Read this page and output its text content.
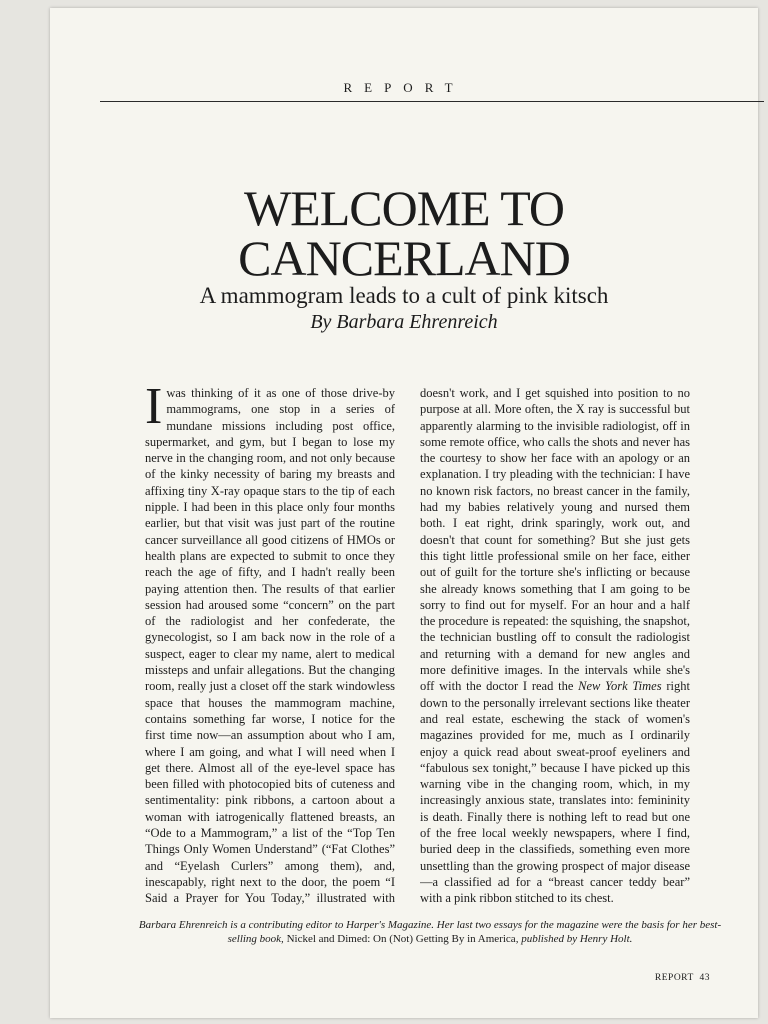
REPORT
WELCOME TO
CANCERLAND
A mammogram leads to a cult of pink kitsch
By Barbara Ehrenreich

I was thinking of it as one of those drive-by mammograms, one stop in a series of mundane missions including post office, supermarket, and gym, but I began to lose my nerve in the changing room, and not only because of the kinky necessity of baring my breasts and affixing tiny X-ray opaque stars to the tip of each nipple. I had been in this place only four months earlier, but that visit was just part of the routine cancer surveillance all good citizens of HMOs or health plans are expected to submit to once they reach the age of fifty, and I hadn't really been paying attention then. The results of that earlier session had aroused some “concern” on the part of the radiologist and her confederate, the gynecologist, so I am back now in the role of a suspect, eager to clear my name, alert to medical missteps and unfair allegations. But the changing room, really just a closet off the stark windowless space that houses the mammogram machine, contains something far worse, I notice for the first time now—an assumption about who I am, where I am going, and what I will need when I get there. Almost all of the eye-level space has been filled with photocopied bits of cuteness and sentimentality: pink ribbons, a cartoon about a woman with iatrogenically flattened breasts, an “Ode to a Mammogram,” a list of the “Top Ten Things Only Women Understand” (“Fat Clothes” and “Eyelash Curlers” among them), and, inescapably, right next to the door, the poem “I Said a Prayer for You Today,” illustrated with

doesn't work, and I get squished into position to no purpose at all. More often, the X ray is successful but apparently alarming to the invisible radiologist, off in some remote office, who calls the shots and never has the courtesy to show her face with an apology or an explanation. I try pleading with the technician: I have no known risk factors, no breast cancer in the family, had my babies relatively young and nursed them both. I eat right, drink sparingly, work out, and doesn't that count for something? But she just gets this tight little professional smile on her face, either out of guilt for the torture she's inflicting or because she already knows something that I am going to be sorry to find out for myself. For an hour and a half the procedure is repeated: the squishing, the snapshot, the technician bustling off to consult the radiologist and returning with a demand for new angles and more definitive images. In the intervals while she's off with the doctor I read the New York Times right down to the personally irrelevant sections like theater and real estate, eschewing the stack of women's magazines provided for me, much as I ordinarily enjoy a quick read about sweat-proof eyeliners and “fabulous sex tonight,” because I have picked up this warning vibe in the changing room, which, in my increasingly anxious state, translates into: femininity is death. Finally there is nothing left to read but one of the free local weekly newspapers, where I find, buried deep in the classifieds, something even more unsettling than the growing prospect of major disease—a classified ad for a “breast cancer teddy bear” with a pink ribbon stitched to its chest.

Barbara Ehrenreich is a contributing editor to Harper's Magazine. Her last two essays for the magazine were the basis for her best-selling book, Nickel and Dimed: On (Not) Getting By in America, published by Henry Holt.
REPORT 43
